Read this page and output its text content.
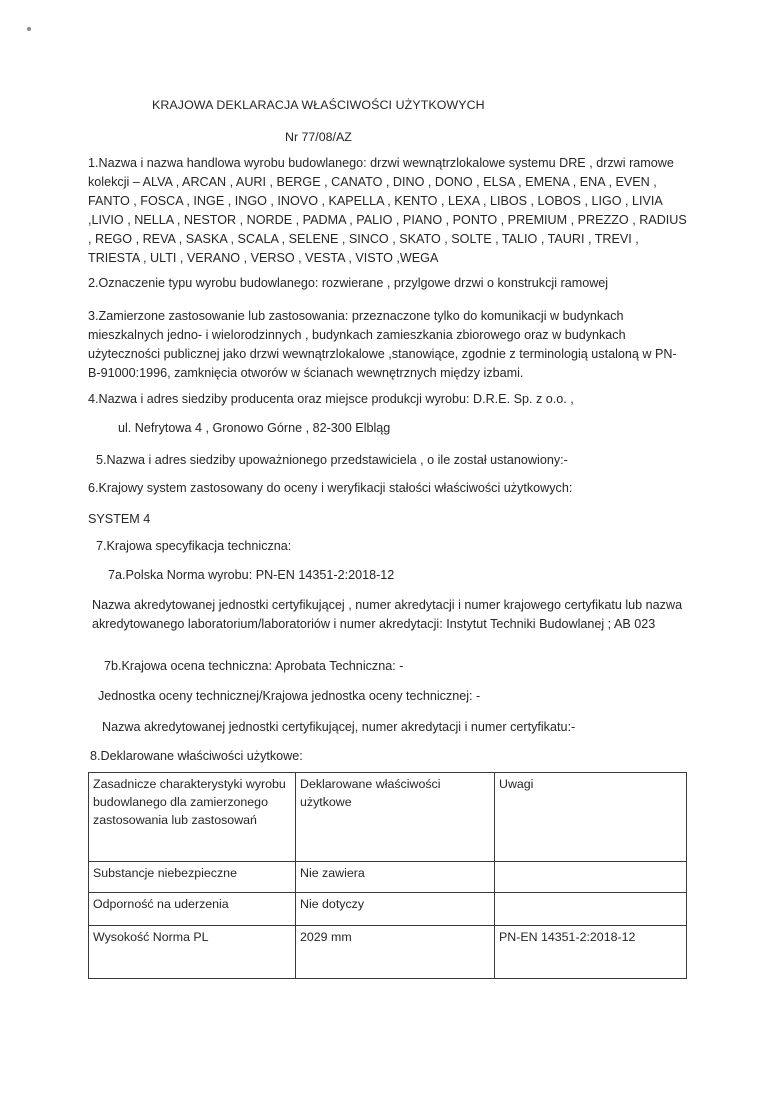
KRAJOWA DEKLARACJA WŁAŚCIWOŚCI UŻYTKOWYCH
Nr 77/08/AZ

1.Nazwa i nazwa handlowa wyrobu budowlanego: drzwi wewnątrzlokalowe systemu DRE , drzwi ramowe kolekcji – ALVA , ARCAN , AURI , BERGE , CANATO , DINO , DONO , ELSA , EMENA , ENA , EVEN , FANTO , FOSCA , INGE , INGO , INOVO , KAPELLA , KENTO , LEXA , LIBOS , LOBOS , LIGO , LIVIA ,LIVIO , NELLA , NESTOR , NORDE , PADMA , PALIO , PIANO , PONTO , PREMIUM , PREZZO , RADIUS , REGO , REVA , SASKA , SCALA , SELENE , SINCO , SKATO , SOLTE , TALIO , TAURI , TREVI , TRIESTA , ULTI , VERANO , VERSO , VESTA , VISTO ,WEGA

2.Oznaczenie typu wyrobu budowlanego: rozwierane , przylgowe drzwi o konstrukcji ramowej

3.Zamierzone zastosowanie lub zastosowania: przeznaczone tylko do komunikacji w budynkach mieszkalnych jedno- i wielorodzinnych , budynkach zamieszkania zbiorowego oraz w budynkach użyteczności publicznej jako drzwi wewnątrzlokalowe ,stanowiące, zgodnie z terminologią ustaloną w PN-B-91000:1996, zamknięcia otworów w ścianach wewnętrznych między izbami.

4.Nazwa i adres siedziby producenta oraz miejsce produkcji wyrobu: D.R.E. Sp. z o.o. ,

ul. Nefrytowa 4 , Gronowo Górne , 82-300 Elbląg

5.Nazwa i adres siedziby upoważnionego przedstawiciela , o ile został ustanowiony:-

6.Krajowy system zastosowany do oceny i weryfikacji stałości właściwości użytkowych:

SYSTEM 4

7.Krajowa specyfikacja techniczna:

7a.Polska Norma wyrobu: PN-EN 14351-2:2018-12

Nazwa akredytowanej jednostki certyfikującej , numer akredytacji i numer krajowego certyfikatu lub nazwa akredytowanego laboratorium/laboratoriów i numer akredytacji: Instytut Techniki Budowlanej ; AB 023

7b.Krajowa ocena techniczna: Aprobata Techniczna: -

Jednostka oceny technicznej/Krajowa jednostka oceny technicznej: -

Nazwa akredytowanej jednostki certyfikującej, numer akredytacji i numer certyfikatu:-

8.Deklarowane właściwości użytkowe:

Zasadnicze charakterystyki wyrobu budowlanego dla zamierzonego zastosowania lub zastosowań	Deklarowane właściwości użytkowe	Uwagi
Substancje niebezpieczne	Nie zawiera	
Odporność na uderzenia	Nie dotyczy	
Wysokość Norma PL	2029 mm	PN-EN 14351-2:2018-12
